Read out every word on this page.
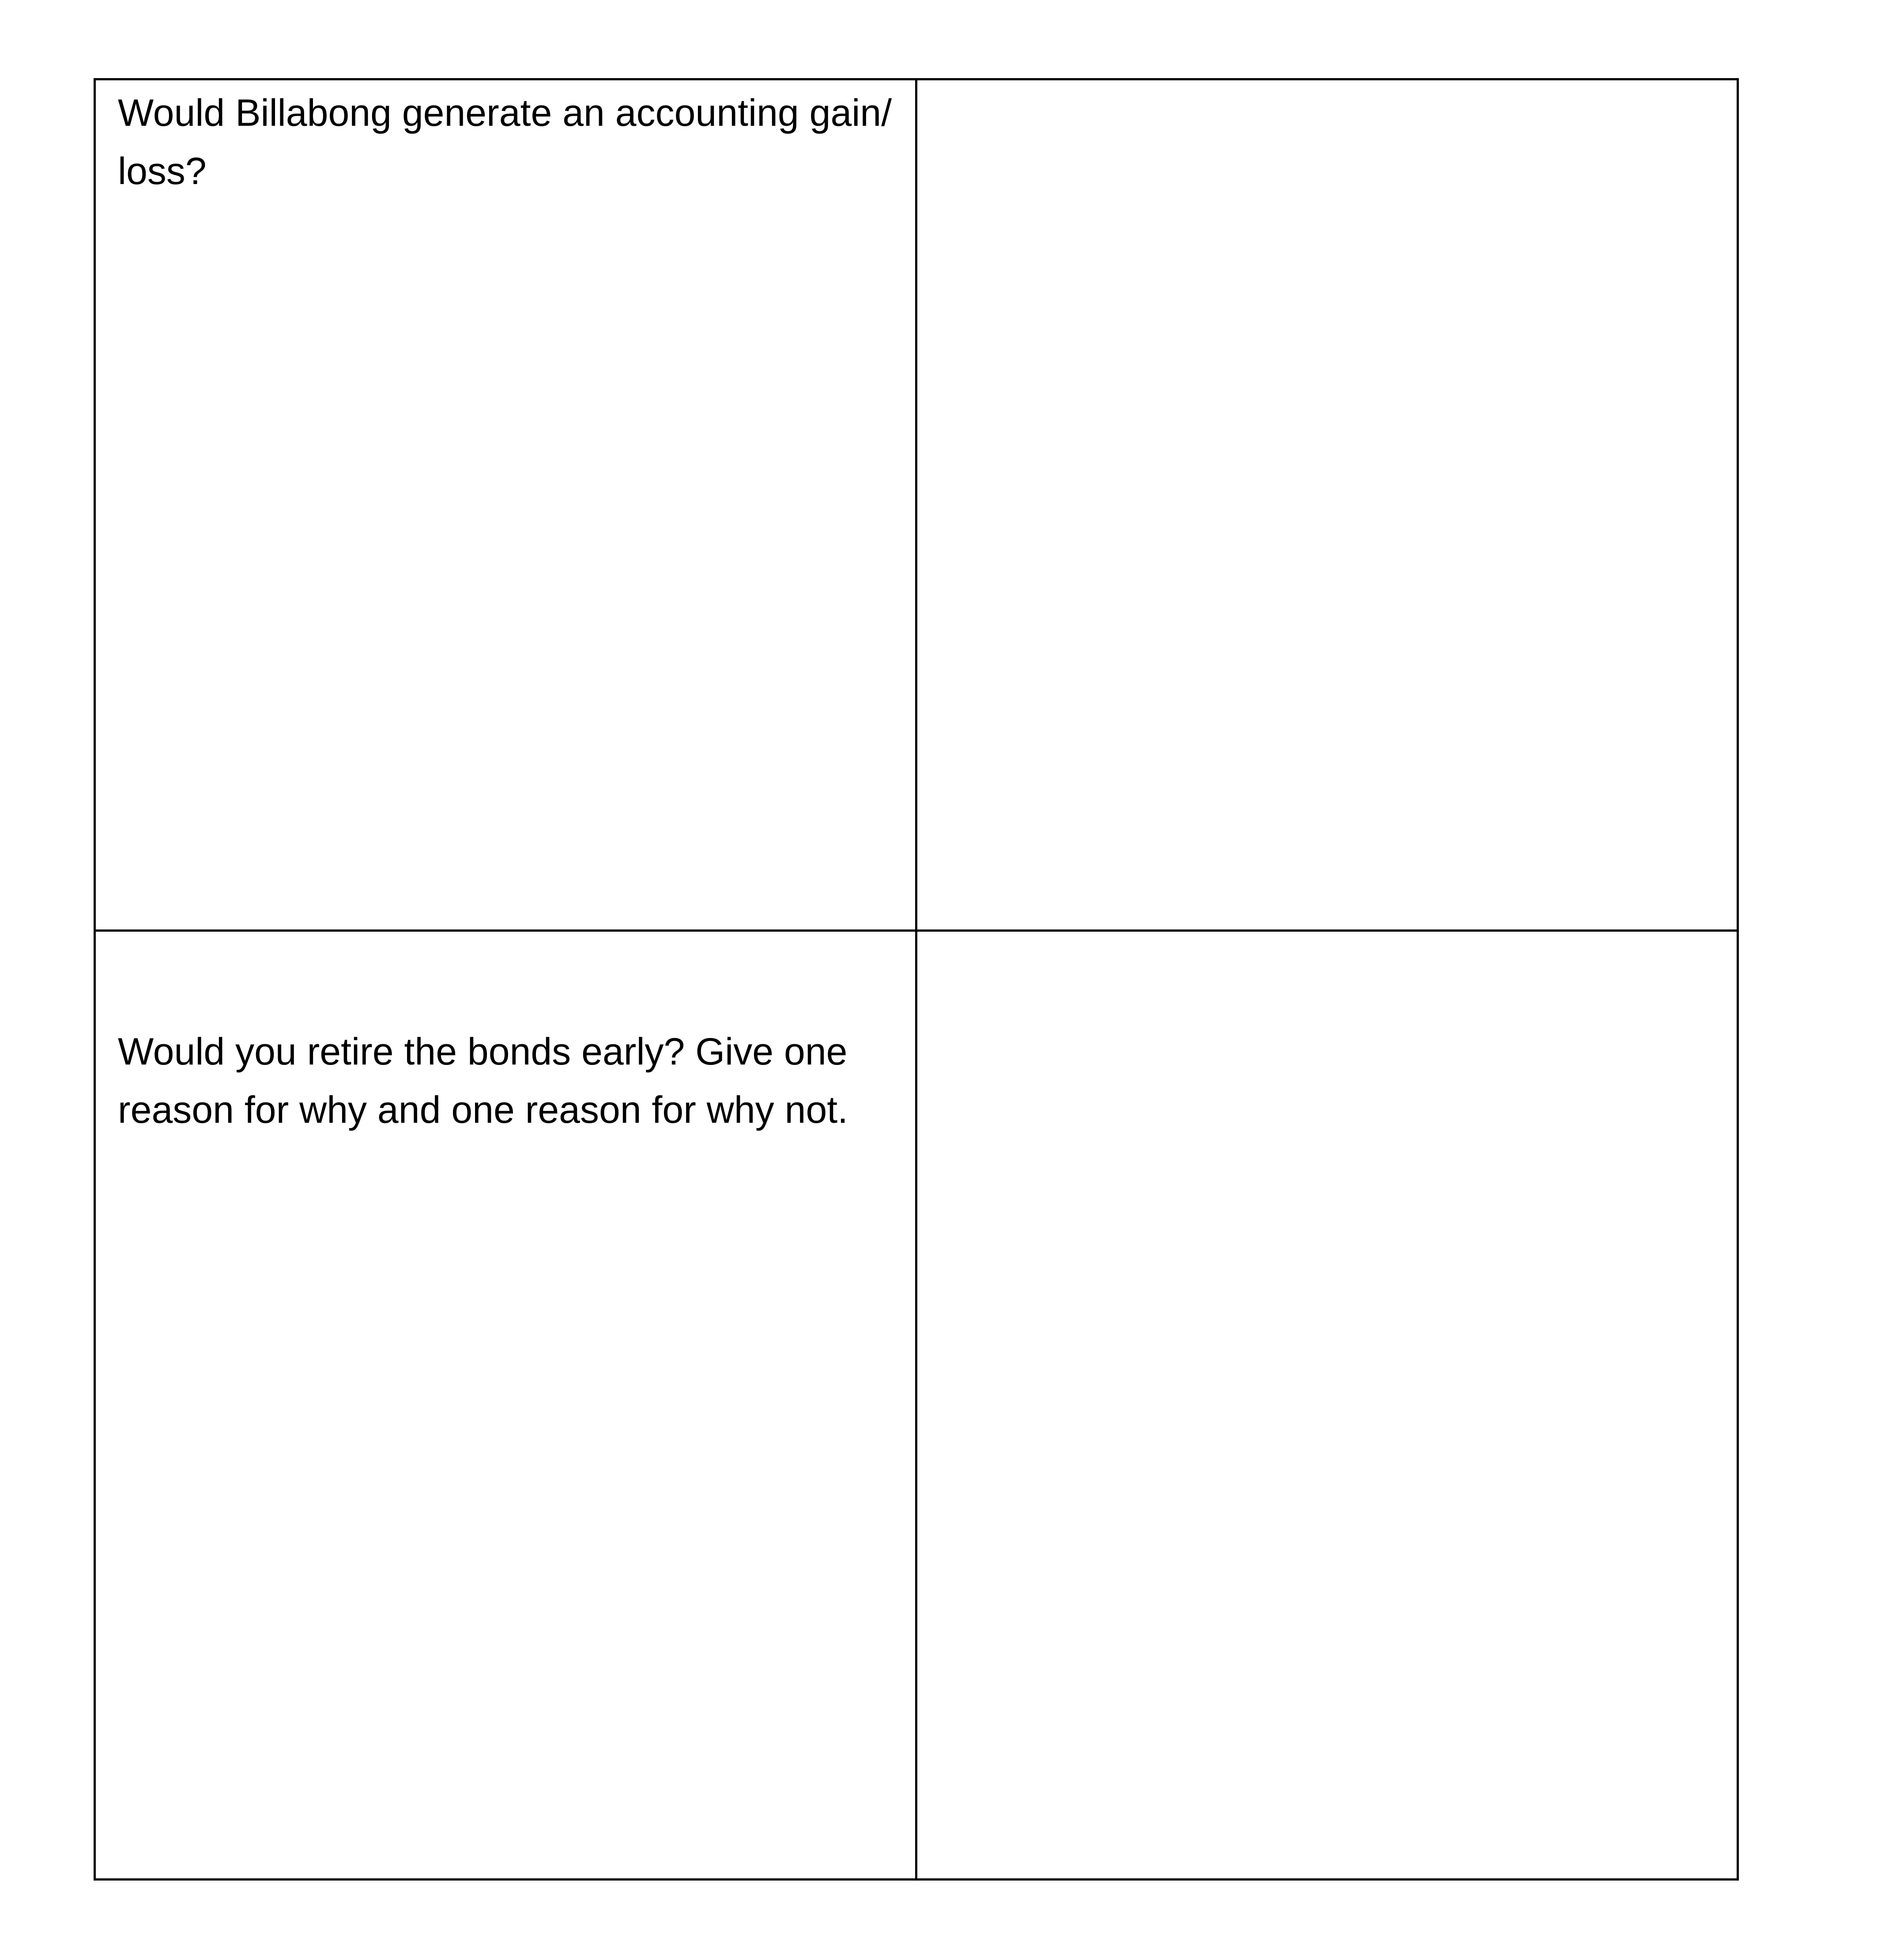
Would Billabong generate an accounting gain/ loss?	

Would you retire the bonds early? Give one reason for why and one reason for why not.	
